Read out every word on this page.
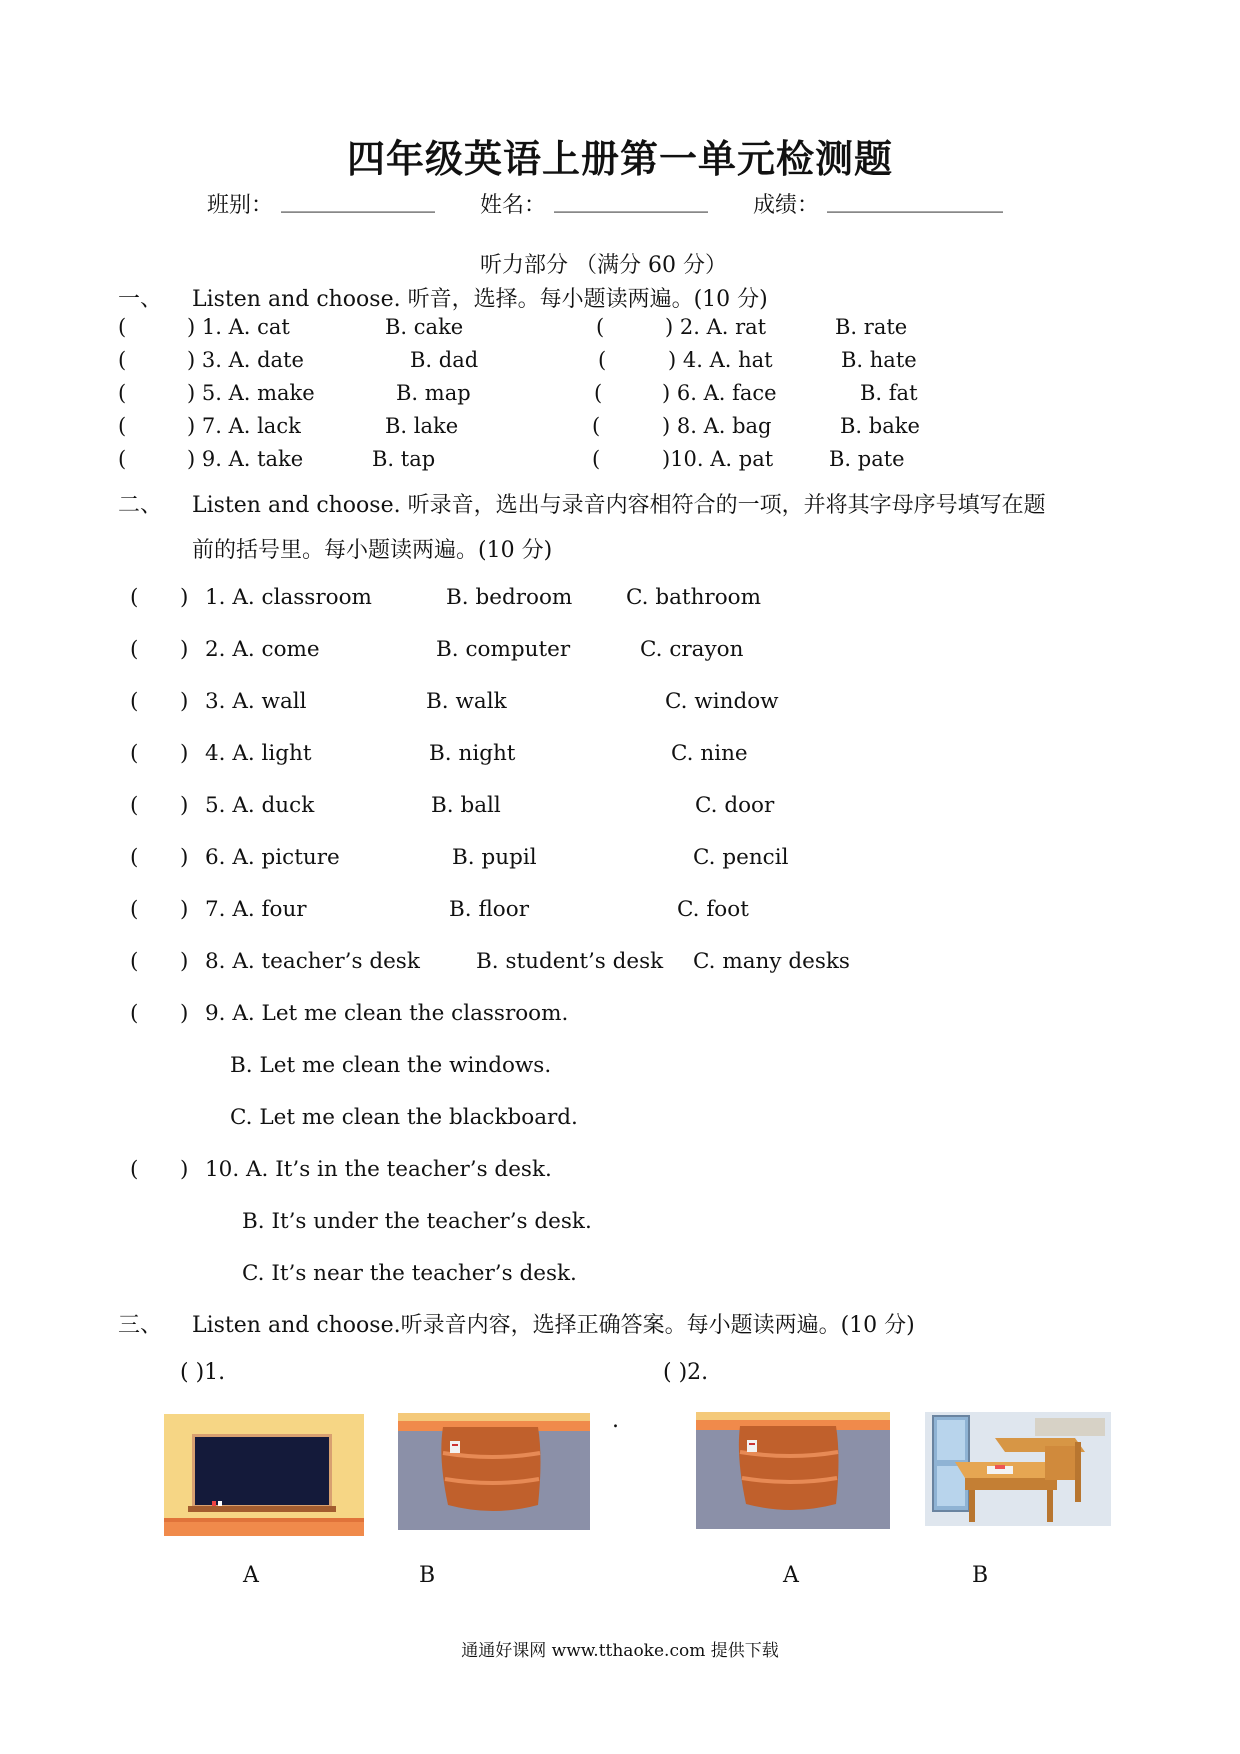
四年级英语上册第一单元检测题
班别： ______________ 姓名： ______________ 成绩： ________________
听力部分 （满分 60 分）
一、 Listen and choose. 听音，选择。每小题读两遍。(10 分)
(	) 1. A. cat	B. cake	(	) 2. A. rat	B. rate
(	) 3. A. date	B. dad	(	) 4. A. hat	B. hate
(	) 5. A. make	B. map	(	) 6. A. face	B. fat
(	) 7. A. lack	B. lake	(	) 8. A. bag	B. bake
(	) 9. A. take	B. tap	(	)10. A. pat	B. pate
二、 Listen and choose. 听录音，选出与录音内容相符合的一项，并将其字母序号填写在题
前的括号里。每小题读两遍。(10 分)
( ) 1. A. classroom	B. bedroom C. bathroom
( ) 2. A. come	B. computer	C. crayon
( ) 3. A. wall	B. walk	C. window
( ) 4. A. light	B. night	C. nine
( ) 5. A. duck	B. ball	C. door
( ) 6. A. picture	B. pupil	C. pencil
( ) 7. A. four	B. floor	C. foot
( ) 8. A. teacher’s desk	B. student’s desk C. many desks
( ) 9. A. Let me clean the classroom.
B. Let me clean the windows.
C. Let me clean the blackboard.
( ) 10. A. It’s in the teacher’s desk.
B. It’s under the teacher’s desk.
C. It’s near the teacher’s desk.
三、 Listen and choose.听录音内容，选择正确答案。每小题读两遍。(10 分)
( )1.	( )2.
.
A	B	A	B
通通好课网 www.tthaoke.com 提供下载
